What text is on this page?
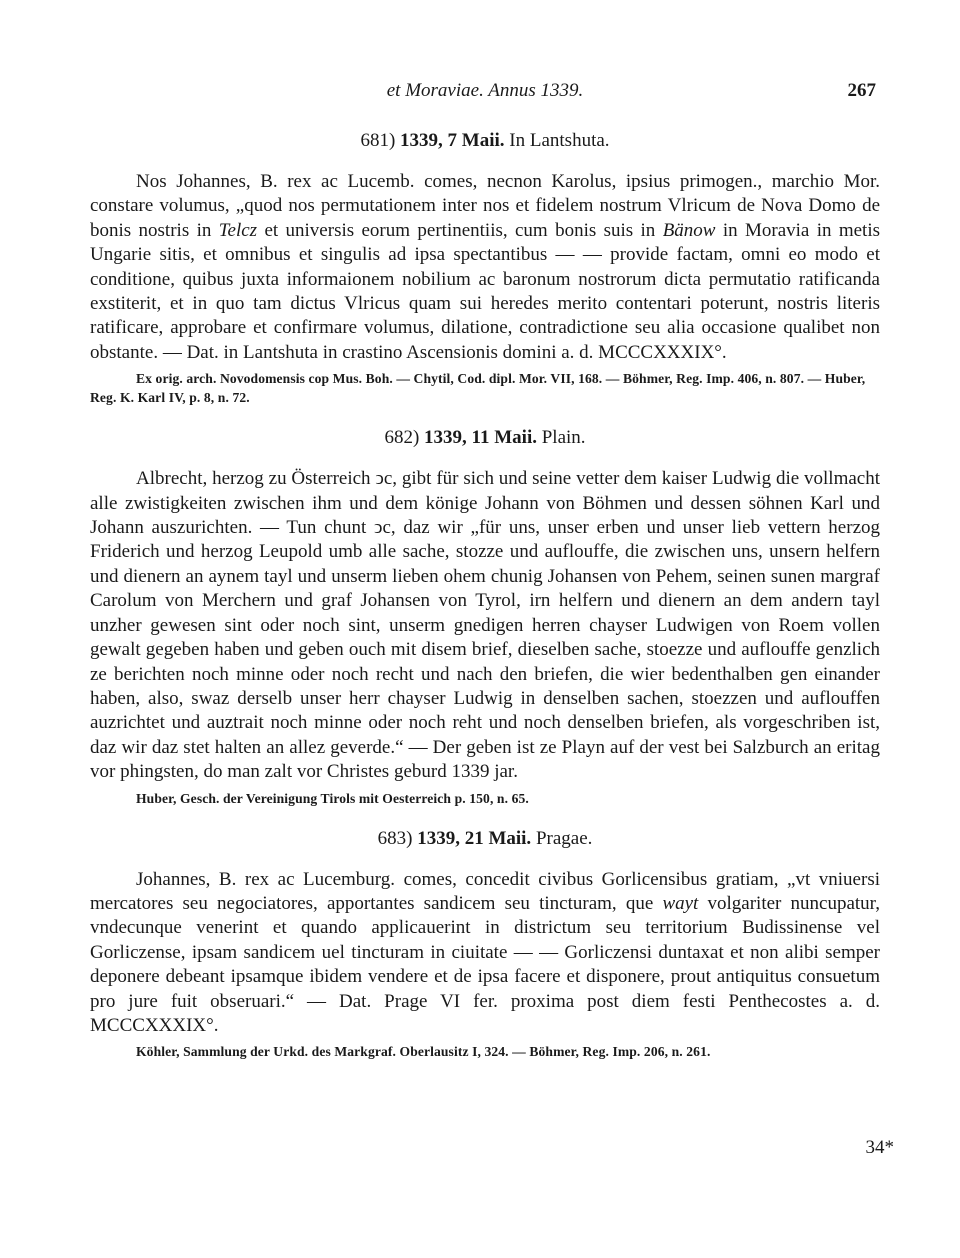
et Moraviae. Annus 1339.	267
681) 1339, 7 Maii. In Lantshuta.

Nos Johannes, B. rex ac Lucemb. comes, necnon Karolus, ipsius primogen., marchio Mor. constare volumus, „quod nos permutationem inter nos et fidelem nostrum Vlricum de Nova Domo de bonis nostris in Telcz et universis eorum pertinentiis, cum bonis suis in Bänow in Moravia in metis Ungarie sitis, et omnibus et singulis ad ipsa spectantibus — — provide factam, omni eo modo et conditione, quibus juxta informaionem nobilium ac baronum nostrorum dicta permutatio ratificanda exstiterit, et in quo tam dictus Vlricus quam sui heredes merito contentari poterunt, nostris literis ratificare, approbare et confirmare volumus, dilatione, contradictione seu alia occasione qualibet non obstante. — Dat. in Lantshuta in crastino Ascensionis domini a. d. MCCCXXXIX°.

Ex orig. arch. Novodomensis cop Mus. Boh. — Chytil, Cod. dipl. Mor. VII, 168. — Böhmer, Reg. Imp. 406, n. 807. — Huber, Reg. K. Karl IV, p. 8, n. 72.

682) 1339, 11 Maii. Plain.

Albrecht, herzog zu Österreich ↄc, gibt für sich und seine vetter dem kaiser Ludwig die vollmacht alle zwistigkeiten zwischen ihm und dem könige Johann von Böhmen und dessen söhnen Karl und Johann auszurichten. — Tun chunt ↄc, daz wir „für uns, unser erben und unser lieb vettern herzog Friderich und herzog Leupold umb alle sache, stozze und auflouffe, die zwischen uns, unsern helfern und dienern an aynem tayl und unserm lieben ohem chunig Johansen von Pehem, seinen sunen margraf Carolum von Merchern und graf Johansen von Tyrol, irn helfern und dienern an dem andern tayl unzher gewesen sint oder noch sint, unserm gnedigen herren chayser Ludwigen von Roem vollen gewalt gegeben haben und geben ouch mit disem brief, dieselben sache, stoezze und auflouffe genzlich ze berichten noch minne oder noch recht und nach den briefen, die wier bedenthalben gen einander haben, also, swaz derselb unser herr chayser Ludwig in denselben sachen, stoezzen und auflouffen auzrichtet und auztrait noch minne oder noch reht und noch denselben briefen, als vorgeschriben ist, daz wir daz stet halten an allez geverde.“ — Der geben ist ze Playn auf der vest bei Salzburch an eritag vor phingsten, do man zalt vor Christes geburd 1339 jar.

Huber, Gesch. der Vereinigung Tirols mit Oesterreich p. 150, n. 65.

683) 1339, 21 Maii. Pragae.

Johannes, B. rex ac Lucemburg. comes, concedit civibus Gorlicensibus gratiam, „vt vniuersi mercatores seu negociatores, apportantes sandicem seu tincturam, que wayt volgariter nuncupatur, vndecunque venerint et quando applicauerint in districtum seu territorium Budissinense vel Gorliczense, ipsam sandicem uel tincturam in ciuitate — — Gorliczensi duntaxat et non alibi semper deponere debeant ipsamque ibidem vendere et de ipsa facere et disponere, prout antiquitus consuetum pro jure fuit obseruari.“ — Dat. Prage VI fer. proxima post diem festi Penthecostes a. d. MCCCXXXIX°.

Köhler, Sammlung der Urkd. des Markgraf. Oberlausitz I, 324. — Böhmer, Reg. Imp. 206, n. 261.

34*
